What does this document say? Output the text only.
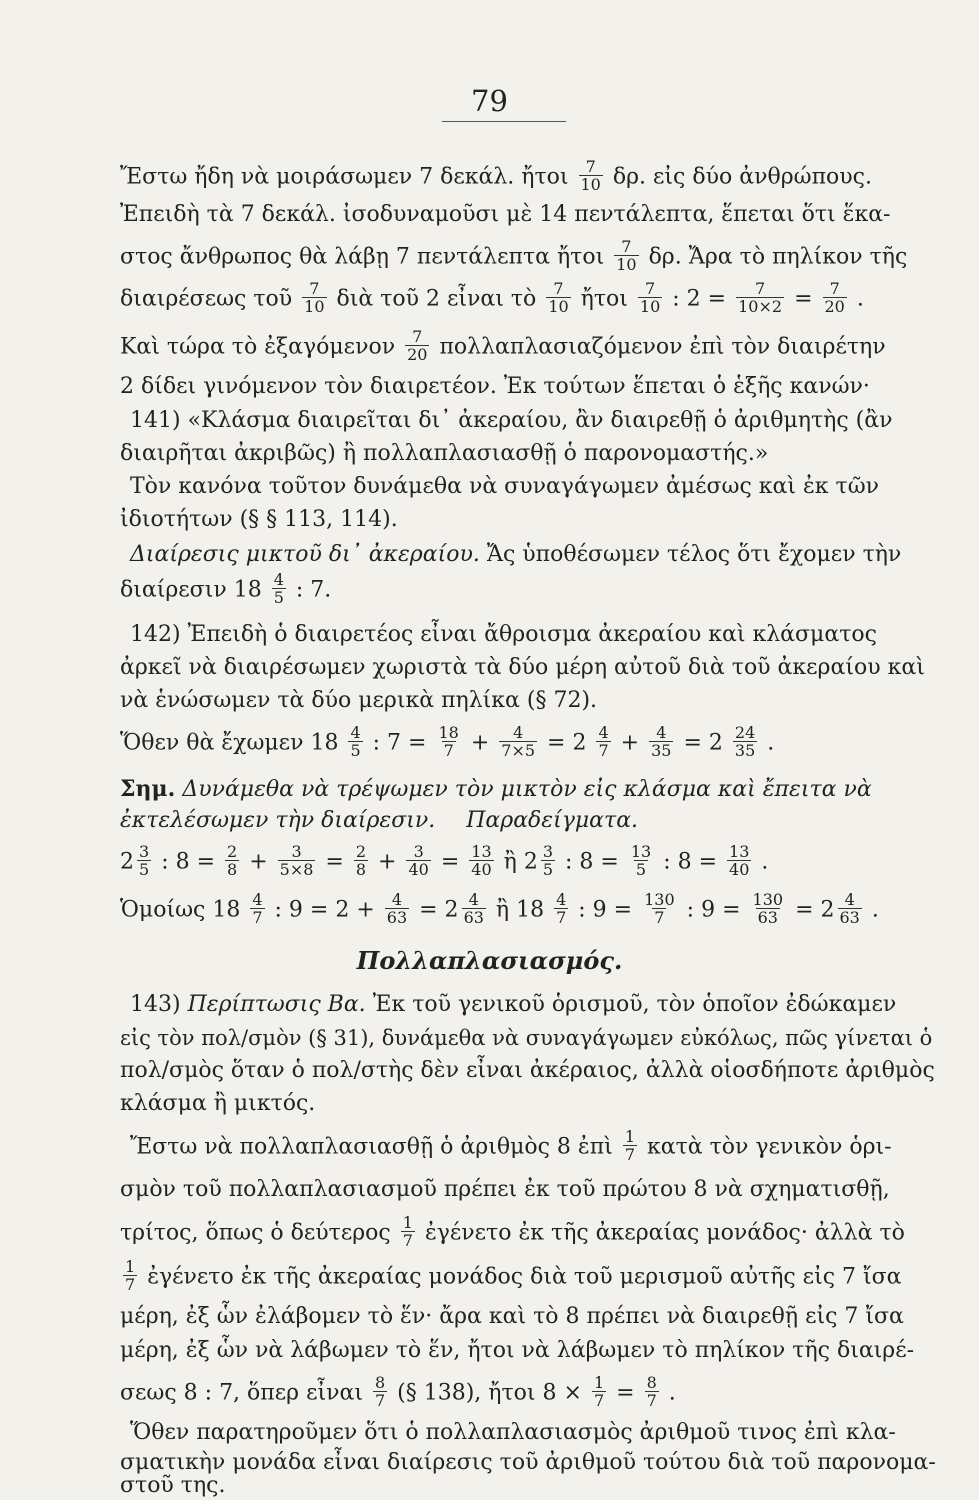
79
Ἔστω ἤδη νὰ μοιράσωμεν 7 δεκάλ. ἤτοι $\frac{7}{10} \delta\rho$. εἰς δύο ἀνθρώπους.
Ἐπειδὴ τὰ 7 δεκάλ. ἰσοδυναμοῦσι μὲ 14 πεντάλεπτα, ἕπεται ὅτι ἕκα-
στος ἄνθρωπος θὰ λάβῃ 7 πεντάλεπτα ἤτοι $\frac{7}{10} \delta\rho$. Ἄρα τὸ πηλίκον τῆς
διαιρέσεως τοῦ $\frac{7}{10}$ διὰ τοῦ 2 εἶναι τὸ $\frac{7}{10}$ ἤτοι $\frac{7}{10}$ : $2 = \frac{7}{10\times 2} = \frac{7}{20}$ .
Καὶ τώρα τὸ ἐξαγόμενον $\frac{7}{20}$ πολλαπλασιαζόμενον ἐπὶ τὸν διαιρέτην
2 δίδει γινόμενον τὸν διαιρετέον. Ἐκ τούτων ἕπεται ὁ ἑξῆς κανών·
141) «Κλάσμα διαιρεῖται δι᾽ ἀκεραίου, ἂν διαιρεθῇ ὁ ἀριθμητὴς (ἂν
διαιρῆται ἀκριβῶς) ἢ πολλαπλασιασθῇ ὁ παρονομαστής.»
Τὸν κανόνα τοῦτον δυνάμεθα νὰ συναγάγωμεν ἀμέσως καὶ ἐκ τῶν
ἰδιοτήτων (§ § 113, 114).
Διαίρεσις μικτοῦ δι᾽ ἀκεραίου. Ἄς ὑποθέσωμεν τέλος ὅτι ἔχομεν τὴν
διαίρεσιν $18 \frac{4}{5}$ : 7.
142) Ἐπειδὴ ὁ διαιρετέος εἶναι ἄθροισμα ἀκεραίου καὶ κλάσματος
ἀρκεῖ νὰ διαιρέσωμεν χωριστὰ τὰ δύο μέρη αὐτοῦ διὰ τοῦ ἀκεραίου καὶ
νὰ ἑνώσωμεν τὰ δύο μερικὰ πηλίκα (§ 72).
Ὅθεν θὰ ἔχωμεν $18 \frac{4}{5}$ : $7 = \frac{18}{7} + \frac{4}{7\times 5} = 2 \frac{4}{7} + \frac{4}{35} = 2 \frac{24}{35}$ .
Σημ. Δυνάμεθα νὰ τρέψωμεν τὸν μικτὸν εἰς κλάσμα καὶ ἔπειτα νὰ
ἐκτελέσωμεν τὴν διαίρεσιν. Παραδείγματα.
$2 \frac{3}{5}$ : $8 = \frac{2}{8} + \frac{3}{5\times 8} = \frac{2}{8} + \frac{3}{40} = \frac{13}{40}$ ἢ $2 \frac{3}{5}$ : $8 = \frac{13}{5}$ : $8 = \frac{13}{40}$ .
Ὁμοίως $18 \frac{4}{7}$ : $9 = 2 + \frac{4}{63} = 2 \frac{4}{63}$ ἢ $18 \frac{4}{7}$ : $9 = \frac{130}{7}$ : $9 = \frac{130}{63} = 2 \frac{4}{63}$ .
Πολλαπλασιασμός.
143) Περίπτωσις Βα. Ἐκ τοῦ γενικοῦ ὁρισμοῦ, τὸν ὁποῖον ἐδώκαμεν
εἰς τὸν πολ/σμὸν (§ 31), δυνάμεθα νὰ συναγάγωμεν εὐκόλως, πῶς γίνεται ὁ
πολ/σμὸς ὅταν ὁ πολ/στὴς δὲν εἶναι ἀκέραιος, ἀλλὰ οἱοσδήποτε ἀριθμὸς
κλάσμα ἢ μικτός.
Ἔστω νὰ πολλαπλασιασθῇ ὁ ἀριθμὸς 8 ἐπὶ $\frac{1}{7}$ κατὰ τὸν γενικὸν ὁρι-
σμὸν τοῦ πολλαπλασιασμοῦ πρέπει ἐκ τοῦ πρώτου 8 νὰ σχηματισθῇ,
τρίτος, ὅπως ὁ δεύτερος $\frac{1}{7}$ ἐγένετο ἐκ τῆς ἀκεραίας μονάδος· ἀλλὰ τὸ
$\frac{1}{7}$ ἐγένετο ἐκ τῆς ἀκεραίας μονάδος διὰ τοῦ μερισμοῦ αὐτῆς εἰς 7 ἴσα
μέρη, ἐξ ὧν ἐλάβομεν τὸ ἕν· ἄρα καὶ τὸ 8 πρέπει νὰ διαιρεθῇ εἰς 7 ἴσα
μέρη, ἐξ ὧν νὰ λάβωμεν τὸ ἕν, ἤτοι νὰ λάβωμεν τὸ πηλίκον τῆς διαιρέ-
σεως 8 : 7, ὅπερ εἶναι $\frac{8}{7}$ (§ 138), ἤτοι $8 \times \frac{1}{7} = \frac{8}{7}$ .
Ὅθεν παρατηροῦμεν ὅτι ὁ πολλαπλασιασμὸς ἀριθμοῦ τινος ἐπὶ κλα-
σματικὴν μονάδα εἶναι διαίρεσις τοῦ ἀριθμοῦ τούτου διὰ τοῦ παρονομα-
στοῦ της.
